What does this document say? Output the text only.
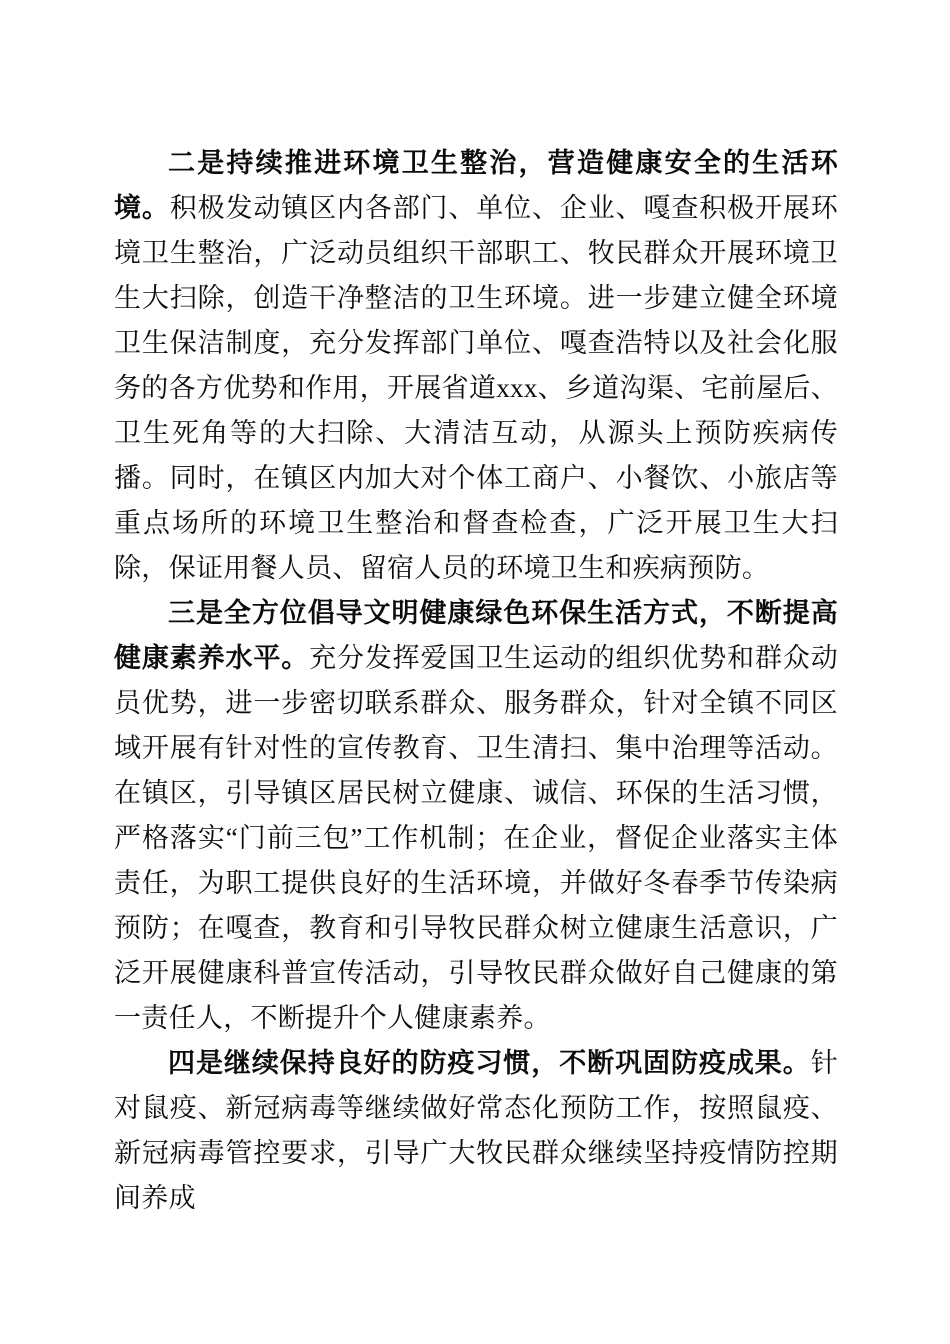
二是持续推进环境卫生整治，营造健康安全的生活环境。积极发动镇区内各部门、单位、企业、嘎查积极开展环境卫生整治，广泛动员组织干部职工、牧民群众开展环境卫生大扫除，创造干净整洁的卫生环境。进一步建立健全环境卫生保洁制度，充分发挥部门单位、嘎查浩特以及社会化服务的各方优势和作用，开展省道xxx、乡道沟渠、宅前屋后、卫生死角等的大扫除、大清洁互动，从源头上预防疾病传播。同时，在镇区内加大对个体工商户、小餐饮、小旅店等重点场所的环境卫生整治和督查检查，广泛开展卫生大扫除，保证用餐人员、留宿人员的环境卫生和疾病预防。

三是全方位倡导文明健康绿色环保生活方式，不断提高健康素养水平。充分发挥爱国卫生运动的组织优势和群众动员优势，进一步密切联系群众、服务群众，针对全镇不同区域开展有针对性的宣传教育、卫生清扫、集中治理等活动。在镇区，引导镇区居民树立健康、诚信、环保的生活习惯，严格落实“门前三包”工作机制；在企业，督促企业落实主体责任，为职工提供良好的生活环境，并做好冬春季节传染病预防；在嘎查，教育和引导牧民群众树立健康生活意识，广泛开展健康科普宣传活动，引导牧民群众做好自己健康的第一责任人，不断提升个人健康素养。

四是继续保持良好的防疫习惯，不断巩固防疫成果。针对鼠疫、新冠病毒等继续做好常态化预防工作，按照鼠疫、新冠病毒管控要求，引导广大牧民群众继续坚持疫情防控期间养成
